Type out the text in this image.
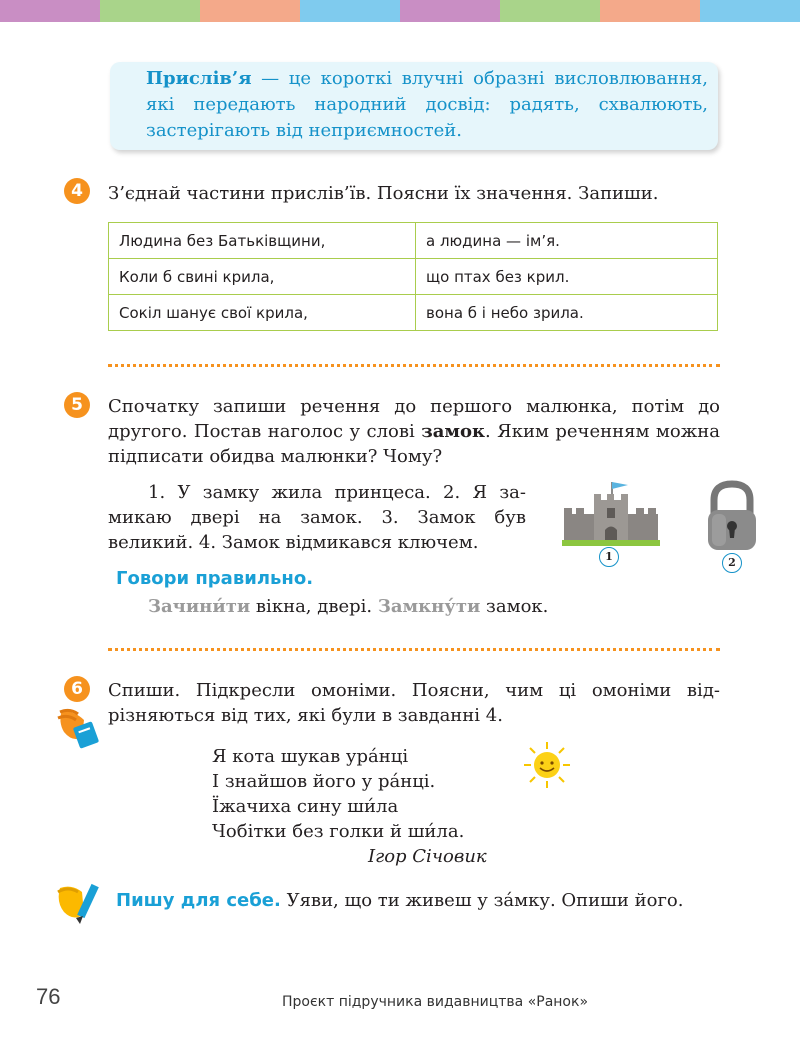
Прислів’я — це короткі влучні образні висловлювання, які передають народний досвід: радять, схвалюють, застерігають від неприємностей.

4	З’єднай частини прислів’їв. Поясни їх значення. Запиши.

Людина без Батьківщини,	а людина — ім’я.
Коли б свині крила,	що птах без крил.
Сокіл шанує свої крила,	вона б і небо зрила.
5	Спочатку запиши речення до першого малюнка, потім до другого. Постав наголос у слові замок. Яким реченням можна підписати обидва малюнки? Чому?

1. У замку жила принцеса. 2. Я замикаю двері на замок. 3. Замок був великий. 4. Замок відмикався ключем.

1	2
Говори правильно.
Зачини́ти вікна, двері. Замкну́ти замок.
6	Спиши. Підкресли омоніми. Поясни, чим ці омоніми відрізняються від тих, які були в завданні 4.

Я кота шукав ура́нці
І знайшов його у ра́нці.
Їжачиха сину ши́ла
Чобітки без голки й ши́ла.
Ігор Січовик

Пишу для себе. Уяви, що ти живеш у за́мку. Опиши його.

76	Проєкт підручника видавництва «Ранок»
